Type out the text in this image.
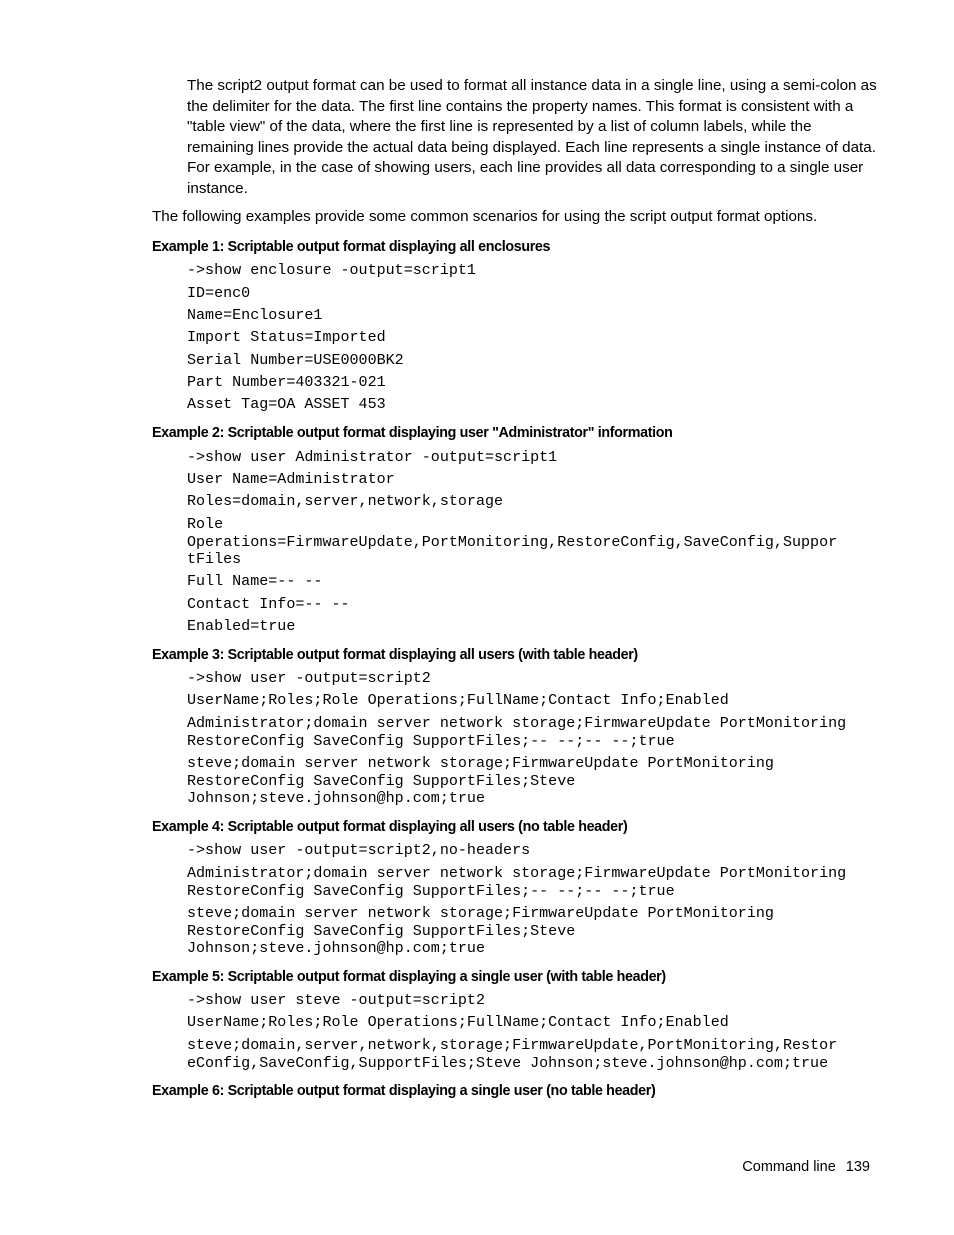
The script2 output format can be used to format all instance data in a single line, using a semi-colon as the delimiter for the data. The first line contains the property names. This format is consistent with a "table view" of the data, where the first line is represented by a list of column labels, while the remaining lines provide the actual data being displayed. Each line represents a single instance of data. For example, in the case of showing users, each line provides all data corresponding to a single user instance.

The following examples provide some common scenarios for using the script output format options.

Example 1: Scriptable output format displaying all enclosures
->show enclosure -output=script1
ID=enc0
Name=Enclosure1
Import Status=Imported
Serial Number=USE0000BK2
Part Number=403321-021
Asset Tag=OA ASSET 453
Example 2: Scriptable output format displaying user "Administrator" information
->show user Administrator -output=script1
User Name=Administrator
Roles=domain,server,network,storage
Role
Operations=FirmwareUpdate,PortMonitoring,RestoreConfig,SaveConfig,Suppor
tFiles
Full Name=-- --
Contact Info=-- --
Enabled=true
Example 3: Scriptable output format displaying all users (with table header)
->show user -output=script2
UserName;Roles;Role Operations;FullName;Contact Info;Enabled
Administrator;domain server network storage;FirmwareUpdate PortMonitoring
RestoreConfig SaveConfig SupportFiles;-- --;-- --;true
steve;domain server network storage;FirmwareUpdate PortMonitoring
RestoreConfig SaveConfig SupportFiles;Steve
Johnson;steve.johnson@hp.com;true
Example 4: Scriptable output format displaying all users (no table header)
->show user -output=script2,no-headers
Administrator;domain server network storage;FirmwareUpdate PortMonitoring
RestoreConfig SaveConfig SupportFiles;-- --;-- --;true
steve;domain server network storage;FirmwareUpdate PortMonitoring
RestoreConfig SaveConfig SupportFiles;Steve
Johnson;steve.johnson@hp.com;true
Example 5: Scriptable output format displaying a single user (with table header)
->show user steve -output=script2
UserName;Roles;Role Operations;FullName;Contact Info;Enabled
steve;domain,server,network,storage;FirmwareUpdate,PortMonitoring,Restor
eConfig,SaveConfig,SupportFiles;Steve Johnson;steve.johnson@hp.com;true
Example 6: Scriptable output format displaying a single user (no table header)
Command line 139
